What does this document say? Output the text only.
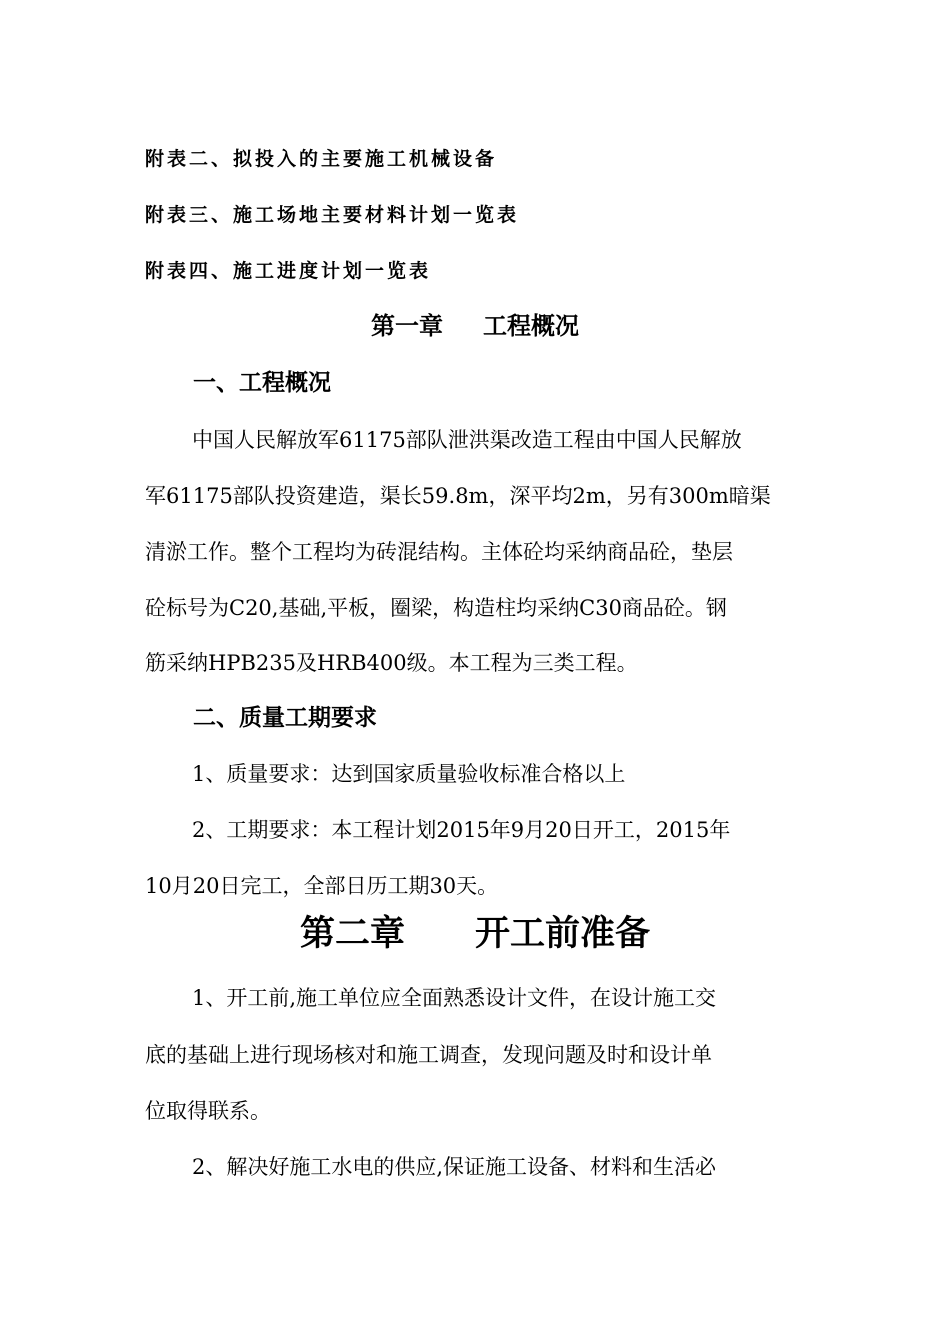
附表二、拟投入的主要施工机械设备
附表三、施工场地主要材料计划一览表
附表四、施工进度计划一览表
第一章 工程概况
一、工程概况
中国人民解放军61175部队泄洪渠改造工程由中国人民解放
军61175部队投资建造，渠长59.8m，深平均2m，另有300m暗渠
清淤工作。整个工程均为砖混结构。主体砼均采纳商品砼，垫层
砼标号为C20,基础,平板，圈梁，构造柱均采纳C30商品砼。钢
筋采纳HPB235及HRB400级。本工程为三类工程。
二、质量工期要求
1、质量要求：达到国家质量验收标准合格以上
2、工期要求：本工程计划2015年9月20日开工，2015年
10月20日完工，全部日历工期30天。
第二章 开工前准备
1、开工前,施工单位应全面熟悉设计文件，在设计施工交
底的基础上进行现场核对和施工调查，发现问题及时和设计单
位取得联系。
2、解决好施工水电的供应,保证施工设备、材料和生活必
